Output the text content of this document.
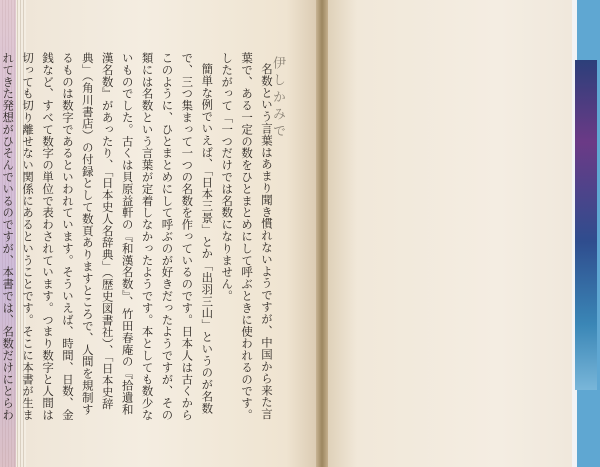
名数という言葉はあまり聞き慣れないようですが、中国から来た言葉で、ある一定の数をひとまとめにして呼ぶときに使われるのです。したがって「一つだけでは名数になりません。

簡単な例でいえば、「日本三景」とか「出羽三山」というのが名数で、三つ集まって一つの名数を作っているのです。日本人は古くからこのように、ひとまとめにして呼ぶのが好きだったようですが、その類には名数という言葉が定着しなかったようです。本としても数少ないものでした。古くは貝原益軒の『和漢名数』、竹田春庵の『拾遺和漢名数』があったり、「日本史人名辞典」（歴史図書社）、「日本史辞典」（角川書店）の付録として数頁ありますところで、人間を規制するものは数字であるといわれています。そういえば、時間、日数、金銭など、すべて数字の単位で表わされています。つまり数字と人間は切っても切り離せない関係にあるということです。そこに本書が生まれてきた発想がひそんでいるのですが、本書では、名数だけにとらわ

伊しかみで
